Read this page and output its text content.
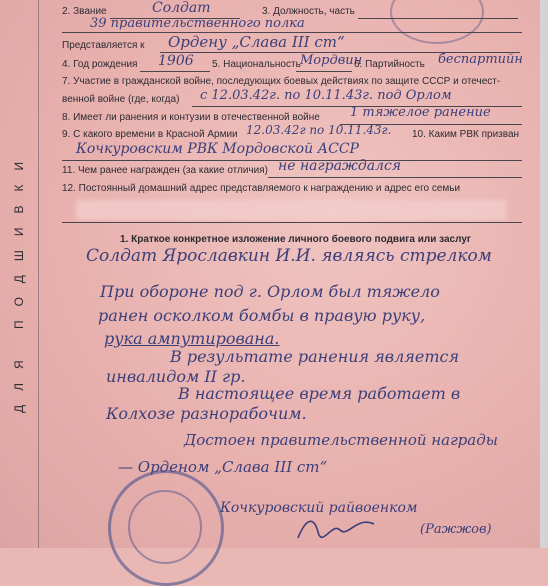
ДЛЯ ПОДШИВКИ
2. Звание	Солдат	3. Должность, часть
39 правительственного полка
Представляется к Ордену „Слава III ст“
4. Год рождения 1906 5. Национальность Мордвин
6. Партийность беспартийн
7. Участие в гражданской войне, последующих боевых действиях по защите СССР и отечест-
венной войне (где, когда) с 12.03.42г. по 10.11.43г. под Орлом
8. Имеет ли ранения и контузии в отечественной войне 1 тяжелое ранение
9. С какого времени в Красной Армии 12.03.42г по 10.11.43г. 10. Каким РВК призван
Кочкуровским РВК Мордовской АССР
11. Чем ранее награжден (за какие отличия) не награждался
12. Постоянный домашний адрес представляемого к награждению и адрес его семьи
1. Краткое конкретное изложение личного боевого подвига или заслуг
Солдат Ярославкин И.И. являясь стрелком
При обороне под г. Орлом был тяжело
ранен осколком бомбы в правую руку,
рука ампутирована.
В результате ранения является
инвалидом II гр.
В настоящее время работает в
Колхозе разнорабочим.
Достоен правительственной награды
— Орденом „Слава III ст“
Кочкуровский райвоенком
(Ражжов)
